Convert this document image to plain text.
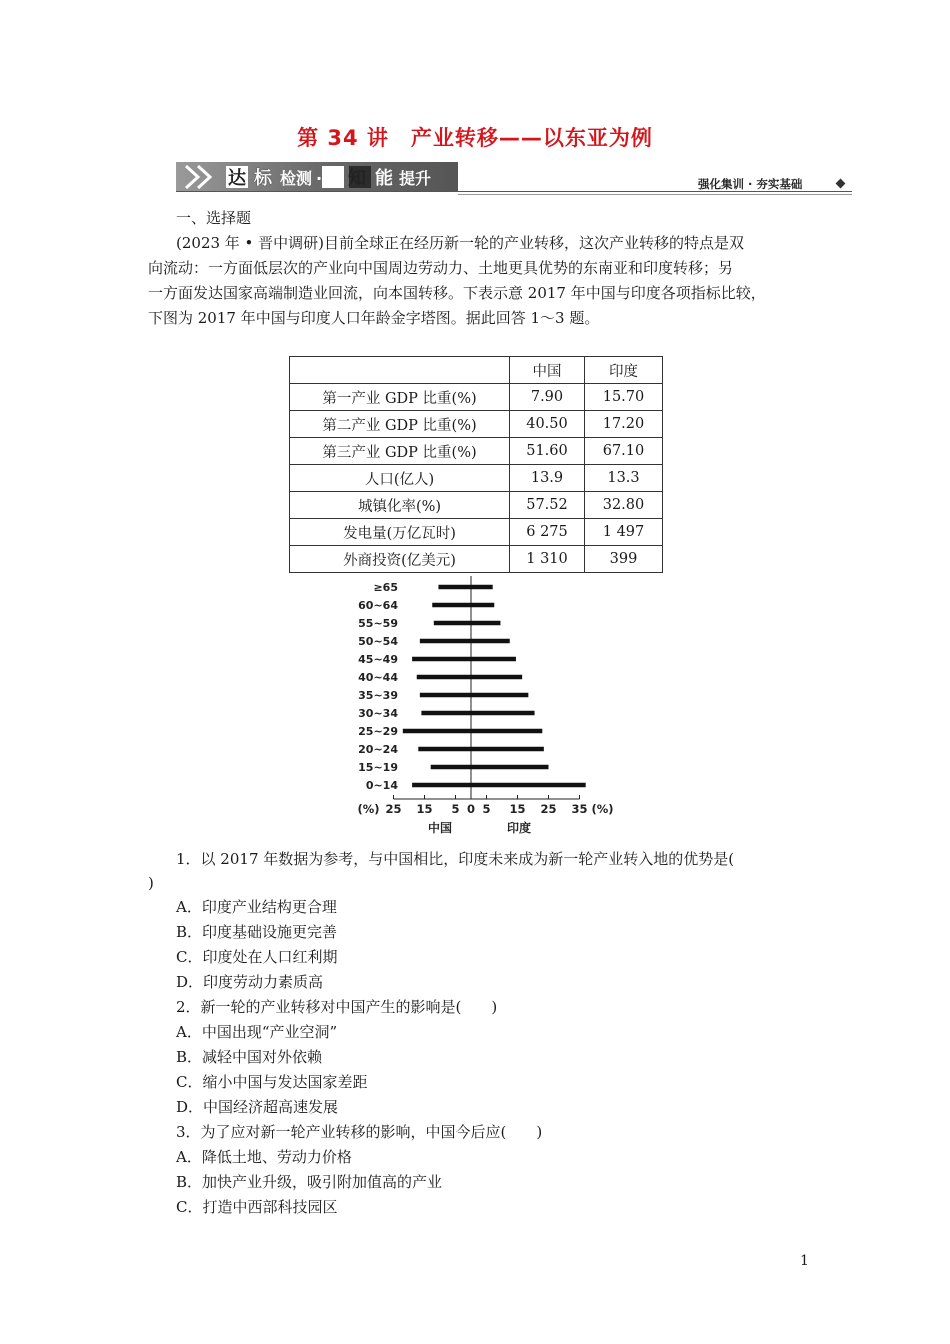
第 34 讲　产业转移——以东亚为例
达 标 检测 · 知 能 提升	强化集训 · 夯实基础
一、选择题
(2023 年 • 晋中调研)目前全球正在经历新一轮的产业转移，这次产业转移的特点是双
向流动：一方面低层次的产业向中国周边劳动力、土地更具优势的东南亚和印度转移；另
一方面发达国家高端制造业回流，向本国转移。下表示意 2017 年中国与印度各项指标比较，
下图为 2017 年中国与印度人口年龄金字塔图。据此回答 1～3 题。
	中国	印度
第一产业 GDP 比重(%)	7.90	15.70
第二产业 GDP 比重(%)	40.50	17.20
第三产业 GDP 比重(%)	51.60	67.10
人口(亿人)	13.9	13.3
城镇化率(%)	57.52	32.80
发电量(万亿瓦时)	6 275	1 497
外商投资(亿美元)	1 310	399
≥65
60~64
55~59
50~54
45~49
40~44
35~39
30~34
25~29
20~24
15~19
0~14
25 15 5 0 5 15 25 35
(%)	(%)
中国	印度
1．以 2017 年数据为参考，与中国相比，印度未来成为新一轮产业转入地的优势是(
)
A．印度产业结构更合理
B．印度基础设施更完善
C．印度处在人口红利期
D．印度劳动力素质高
2．新一轮的产业转移对中国产生的影响是(　　)
A．中国出现“产业空洞”
B．减轻中国对外依赖
C．缩小中国与发达国家差距
D．中国经济超高速发展
3．为了应对新一轮产业转移的影响，中国今后应(　　)
A．降低土地、劳动力价格
B．加快产业升级，吸引附加值高的产业
C．打造中西部科技园区
1
